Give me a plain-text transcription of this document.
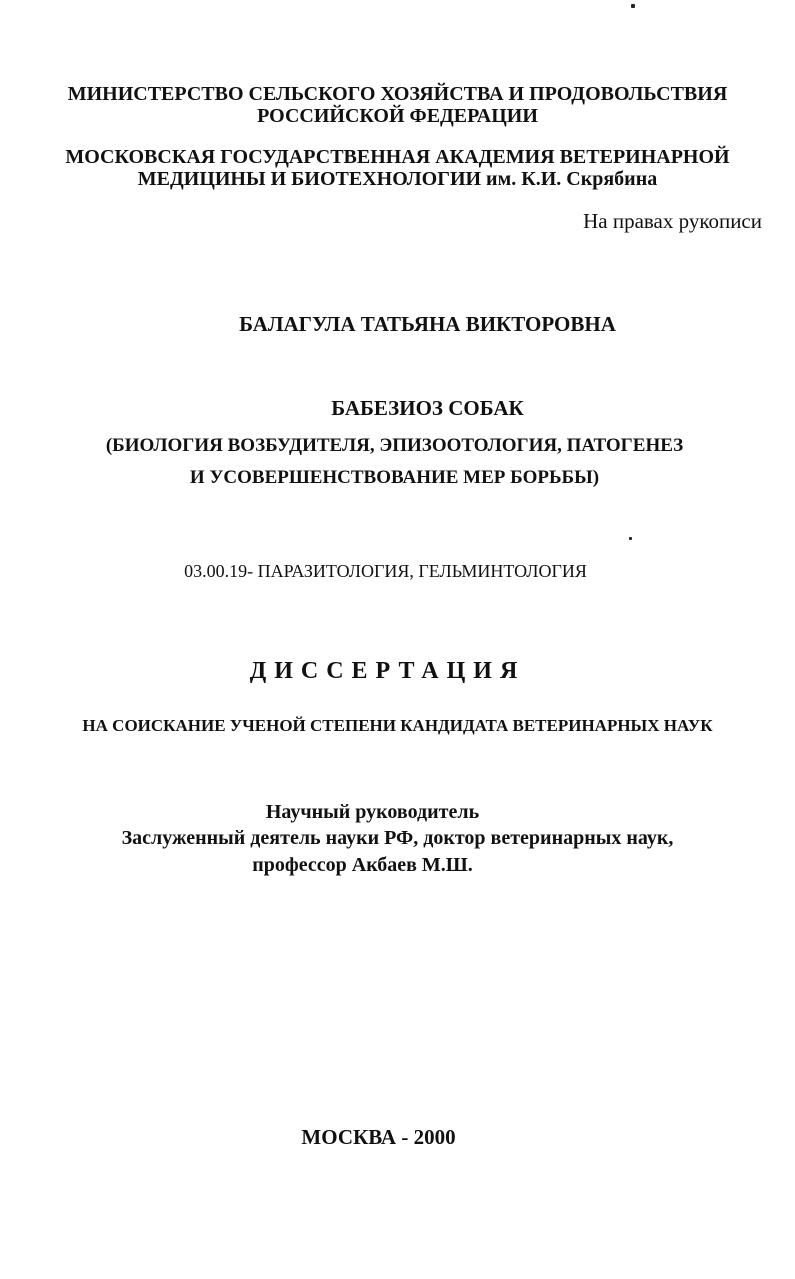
МИНИСТЕРСТВО СЕЛЬСКОГО ХОЗЯЙСТВА И ПРОДОВОЛЬСТВИЯ
РОССИЙСКОЙ ФЕДЕРАЦИИ
МОСКОВСКАЯ ГОСУДАРСТВЕННАЯ АКАДЕМИЯ ВЕТЕРИНАРНОЙ
МЕДИЦИНЫ И БИОТЕХНОЛОГИИ им. К.И. Скрябина
На правах рукописи
БАЛАГУЛА ТАТЬЯНА ВИКТОРОВНА
БАБЕЗИОЗ СОБАК
(БИОЛОГИЯ ВОЗБУДИТЕЛЯ, ЭПИЗООТОЛОГИЯ, ПАТОГЕНЕЗ
И УСОВЕРШЕНСТВОВАНИЕ МЕР БОРЬБЫ)
03.00.19- ПАРАЗИТОЛОГИЯ, ГЕЛЬМИНТОЛОГИЯ
ДИССЕРТАЦИЯ
НА СОИСКАНИЕ УЧЕНОЙ СТЕПЕНИ КАНДИДАТА ВЕТЕРИНАРНЫХ НАУК
Научный руководитель
Заслуженный деятель науки РФ, доктор ветеринарных наук,
профессор Акбаев М.Ш.
МОСКВА - 2000
